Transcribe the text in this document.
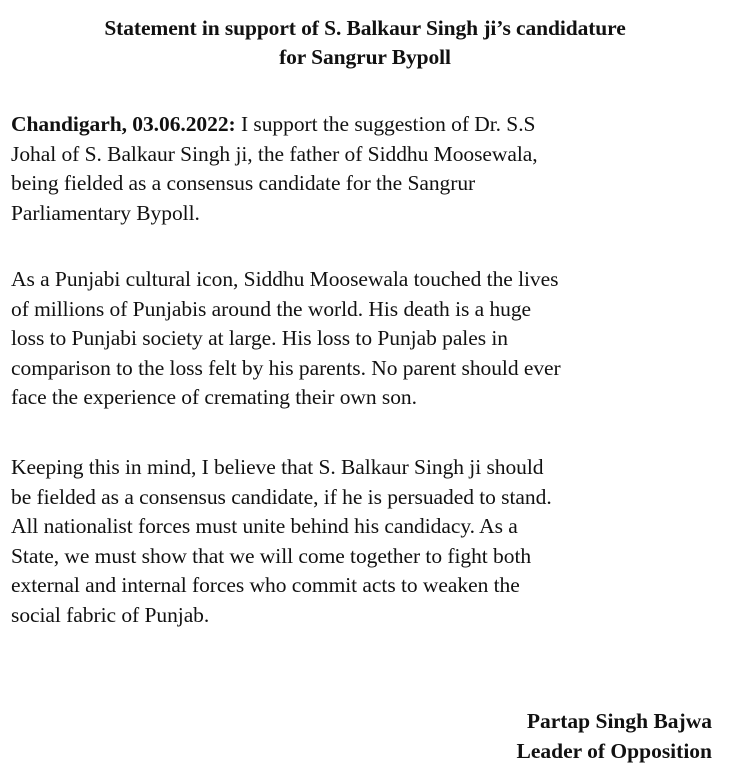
Statement in support of S. Balkaur Singh ji’s candidature
for Sangrur Bypoll
Chandigarh, 03.06.2022: I support the suggestion of Dr. S.S
Johal of S. Balkaur Singh ji, the father of Siddhu Moosewala,
being fielded as a consensus candidate for the Sangrur
Parliamentary Bypoll.
As a Punjabi cultural icon, Siddhu Moosewala touched the lives
of millions of Punjabis around the world. His death is a huge
loss to Punjabi society at large. His loss to Punjab pales in
comparison to the loss felt by his parents. No parent should ever
face the experience of cremating their own son.
Keeping this in mind, I believe that S. Balkaur Singh ji should
be fielded as a consensus candidate, if he is persuaded to stand.
All nationalist forces must unite behind his candidacy. As a
State, we must show that we will come together to fight both
external and internal forces who commit acts to weaken the
social fabric of Punjab.
Partap Singh Bajwa
Leader of Opposition
